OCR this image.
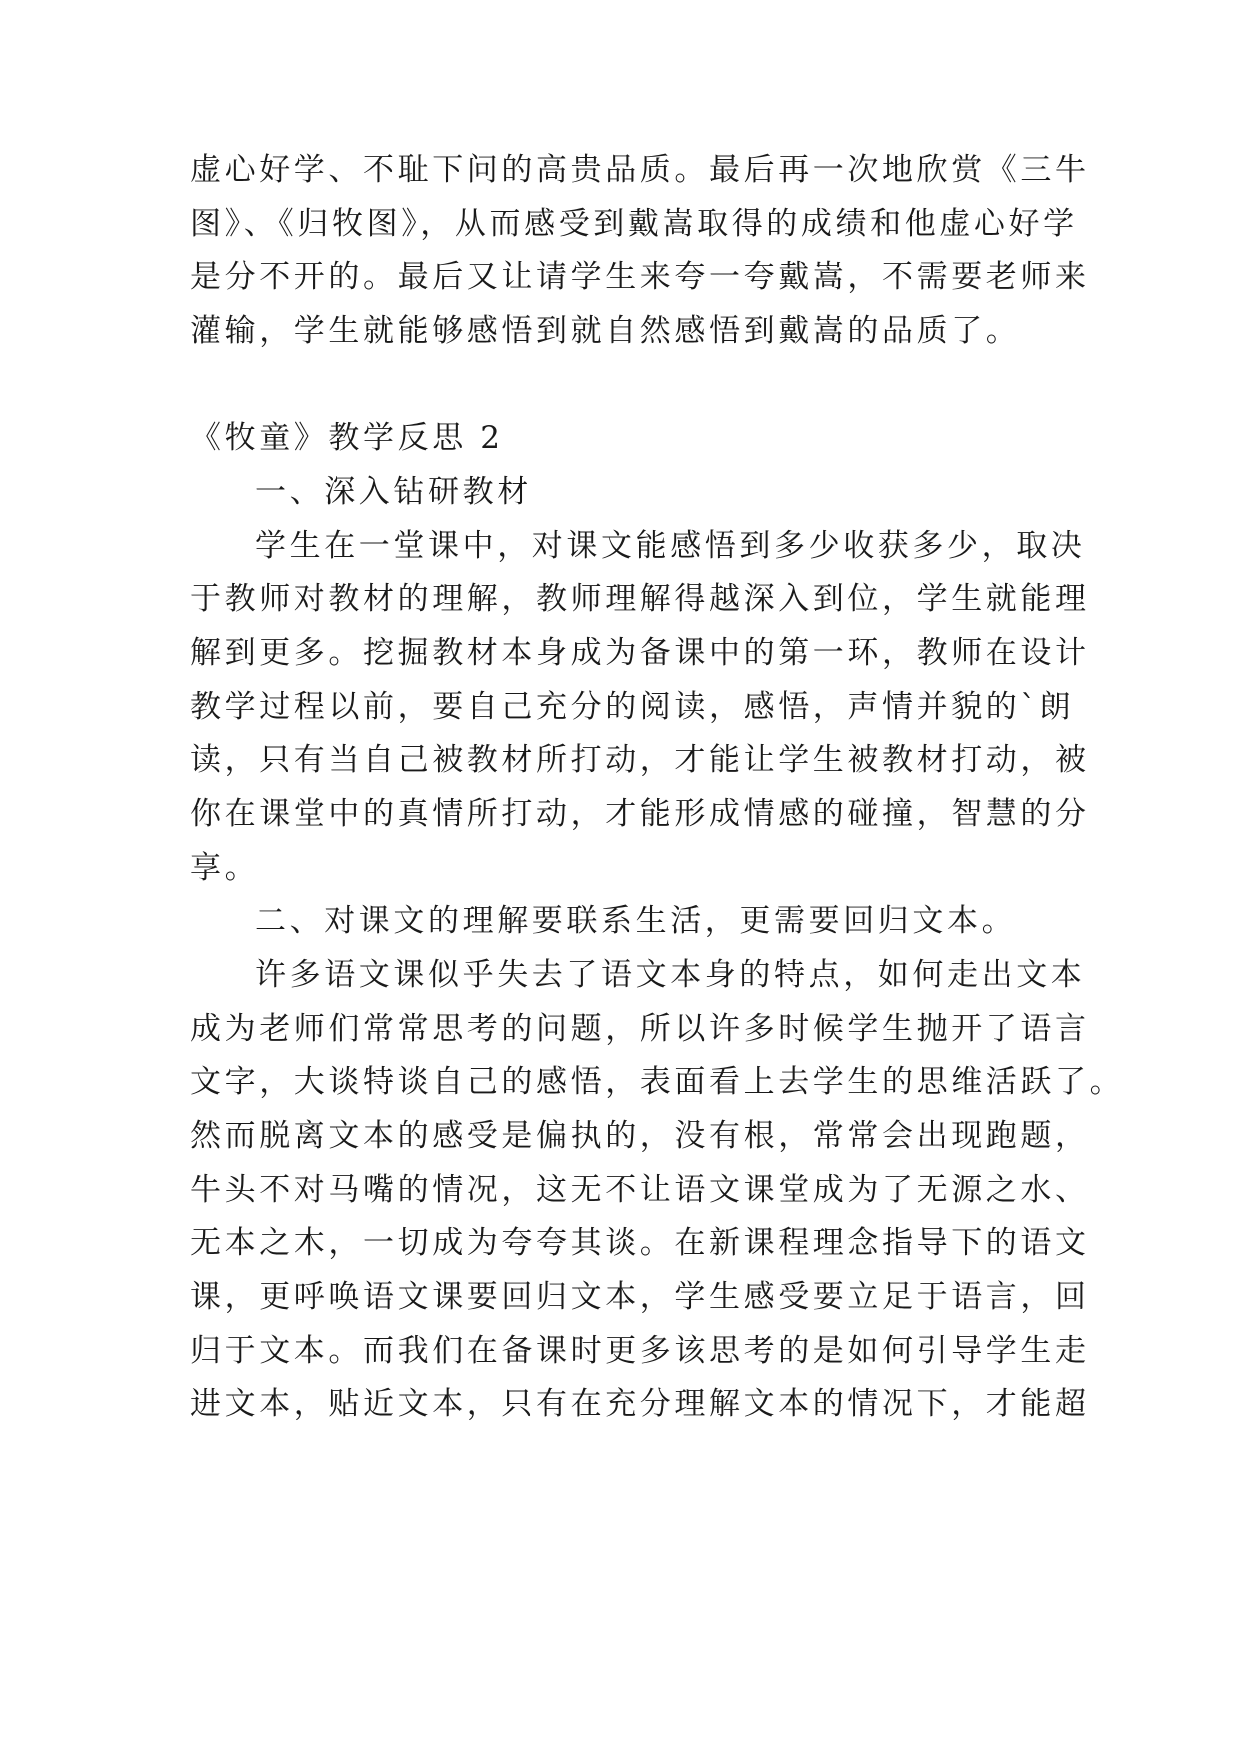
虚心好学、不耻下问的高贵品质。最后再一次地欣赏《三牛
图》、《归牧图》，从而感受到戴嵩取得的成绩和他虚心好学
是分不开的。最后又让请学生来夸一夸戴嵩，不需要老师来
灌输，学生就能够感悟到就自然感悟到戴嵩的品质了。
《牧童》教学反思 2
一、深入钻研教材
学生在一堂课中，对课文能感悟到多少收获多少，取决
于教师对教材的理解，教师理解得越深入到位，学生就能理
解到更多。挖掘教材本身成为备课中的第一环，教师在设计
教学过程以前，要自己充分的阅读，感悟，声情并貌的`朗
读，只有当自己被教材所打动，才能让学生被教材打动，被
你在课堂中的真情所打动，才能形成情感的碰撞，智慧的分
享。
二、对课文的理解要联系生活，更需要回归文本。
许多语文课似乎失去了语文本身的特点，如何走出文本
成为老师们常常思考的问题，所以许多时候学生抛开了语言
文字，大谈特谈自己的感悟，表面看上去学生的思维活跃了。
然而脱离文本的感受是偏执的，没有根，常常会出现跑题，
牛头不对马嘴的情况，这无不让语文课堂成为了无源之水、
无本之木，一切成为夸夸其谈。在新课程理念指导下的语文
课，更呼唤语文课要回归文本，学生感受要立足于语言，回
归于文本。而我们在备课时更多该思考的是如何引导学生走
进文本，贴近文本，只有在充分理解文本的情况下，才能超
